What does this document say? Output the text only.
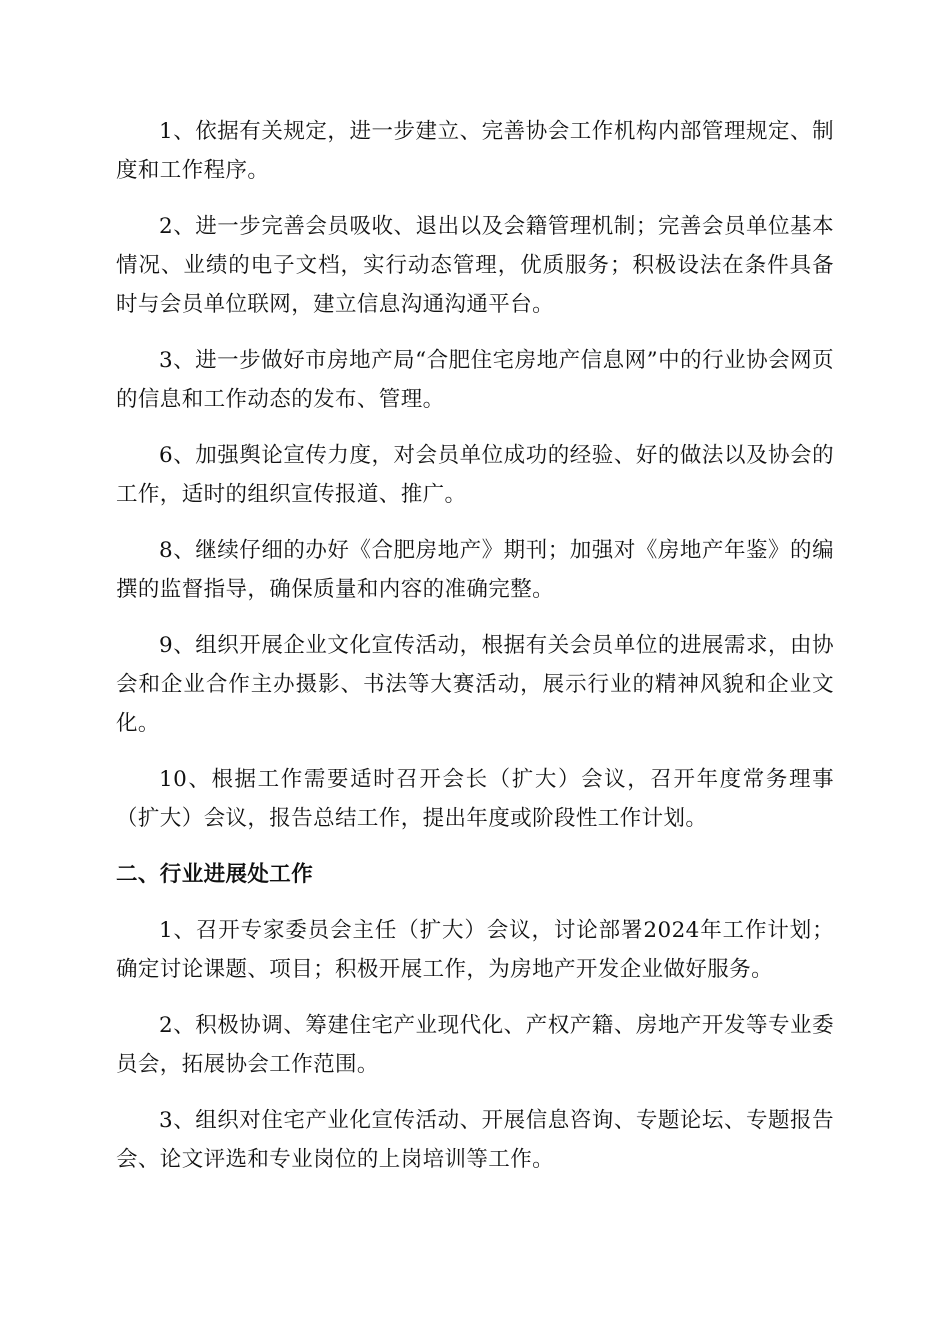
1、依据有关规定，进一步建立、完善协会工作机构内部管理规定、制度和工作程序。

2、进一步完善会员吸收、退出以及会籍管理机制；完善会员单位基本情况、业绩的电子文档，实行动态管理，优质服务；积极设法在条件具备时与会员单位联网，建立信息沟通沟通平台。

3、进一步做好市房地产局“合肥住宅房地产信息网”中的行业协会网页的信息和工作动态的发布、管理。

6、加强舆论宣传力度，对会员单位成功的经验、好的做法以及协会的工作，适时的组织宣传报道、推广。

8、继续仔细的办好《合肥房地产》期刊；加强对《房地产年鉴》的编撰的监督指导，确保质量和内容的准确完整。

9、组织开展企业文化宣传活动，根据有关会员单位的进展需求，由协会和企业合作主办摄影、书法等大赛活动，展示行业的精神风貌和企业文化。

10、根据工作需要适时召开会长（扩大）会议，召开年度常务理事（扩大）会议，报告总结工作，提出年度或阶段性工作计划。

二、行业进展处工作

1、召开专家委员会主任（扩大）会议，讨论部署2024年工作计划；确定讨论课题、项目；积极开展工作，为房地产开发企业做好服务。

2、积极协调、筹建住宅产业现代化、产权产籍、房地产开发等专业委员会，拓展协会工作范围。

3、组织对住宅产业化宣传活动、开展信息咨询、专题论坛、专题报告会、论文评选和专业岗位的上岗培训等工作。
